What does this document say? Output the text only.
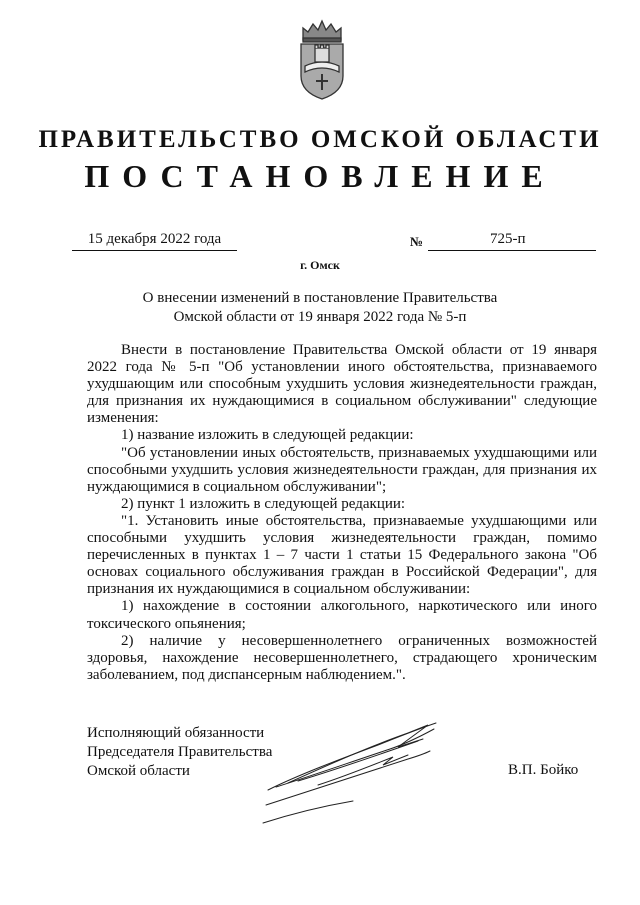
ПРАВИТЕЛЬСТВО ОМСКОЙ ОБЛАСТИ
ПОСТАНОВЛЕНИЕ
15 декабря 2022 года	№	725-п
г. Омск
О внесении изменений в постановление Правительства
Омской области от 19 января 2022 года № 5-п

Внести в постановление Правительства Омской области от 19 января 2022 года № 5-п "Об установлении иного обстоятельства, признаваемого ухудшающим или способным ухудшить условия жизнедеятельности граждан, для признания их нуждающимися в социальном обслуживании" следующие изменения:

1) название изложить в следующей редакции:

"Об установлении иных обстоятельств, признаваемых ухудшающими или способными ухудшить условия жизнедеятельности граждан, для признания их нуждающимися в социальном обслуживании";

2) пункт 1 изложить в следующей редакции:

"1. Установить иные обстоятельства, признаваемые ухудшающими или способными ухудшить условия жизнедеятельности граждан, помимо перечисленных в пунктах 1 – 7 части 1 статьи 15 Федерального закона "Об основах социального обслуживания граждан в Российской Федерации", для признания их нуждающимися в социальном обслуживании:

1) нахождение в состоянии алкогольного, наркотического или иного токсического опьянения;

2) наличие у несовершеннолетнего ограниченных возможностей здоровья, нахождение несовершеннолетнего, страдающего хроническим заболеванием, под диспансерным наблюдением.".

Исполняющий обязанности
Председателя Правительства
Омской области	В.П. Бойко
